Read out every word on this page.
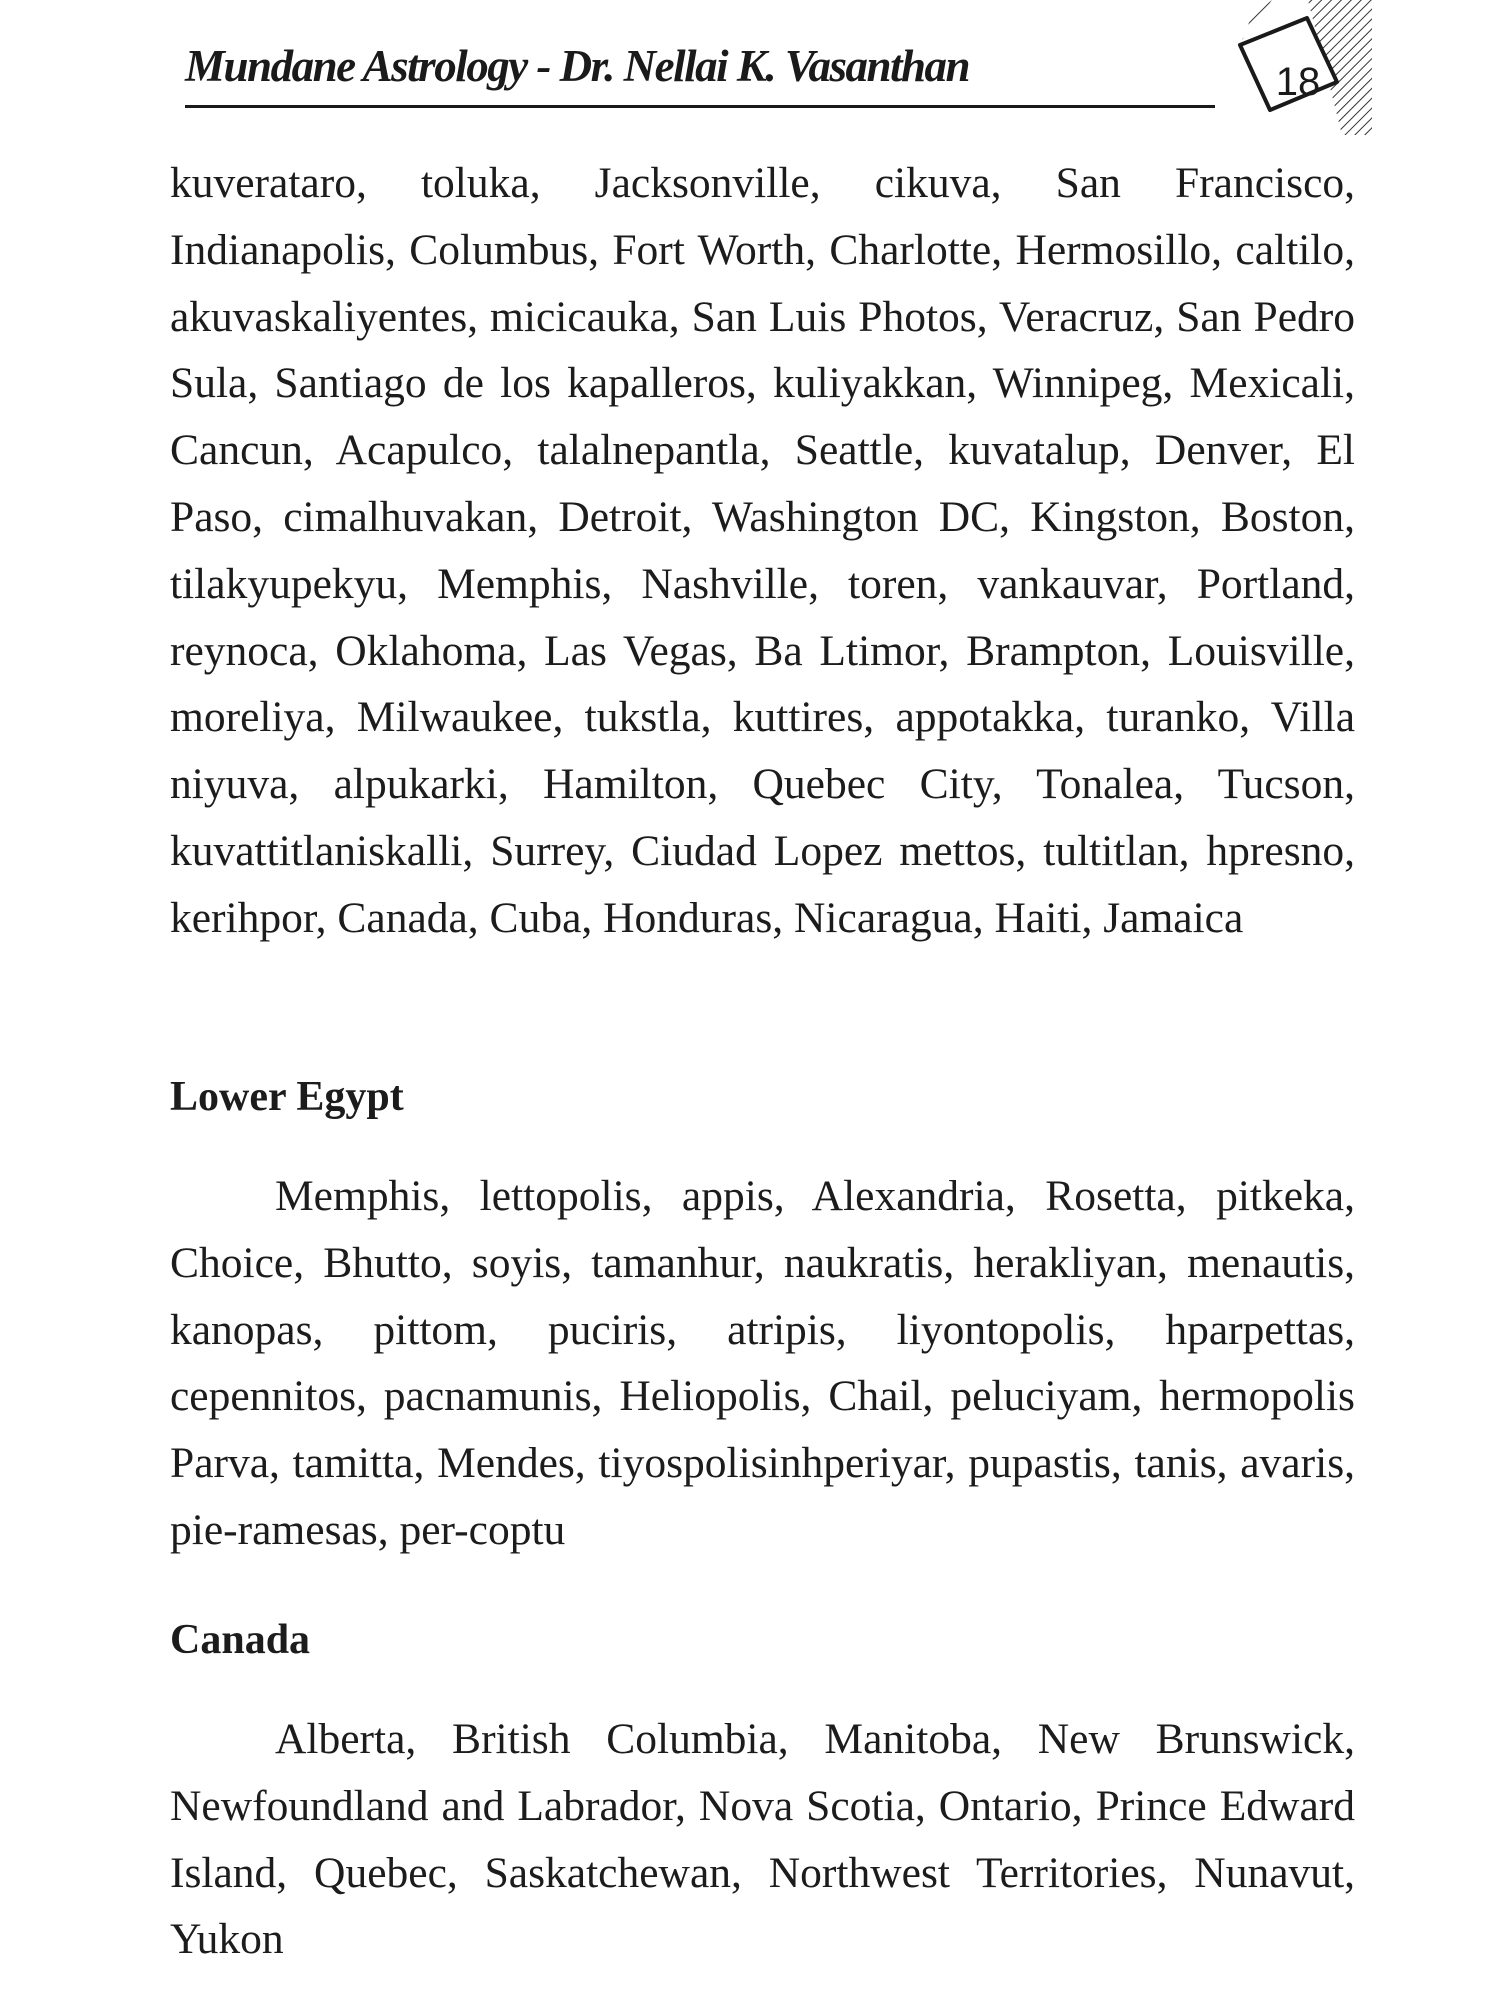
Mundane Astrology - Dr. Nellai K. Vasanthan	18

kuverataro, toluka, Jacksonville, cikuva, San Francisco, Indianapolis, Columbus, Fort Worth, Charlotte, Hermosillo, caltilo, akuvaskaliyentes, micicauka, San Luis Photos, Veracruz, San Pedro Sula, Santiago de los kapalleros, kuliyakkan, Winnipeg, Mexicali, Cancun, Acapulco, talalnepantla, Seattle, kuvatalup, Denver, El Paso, cimalhuvakan, Detroit, Washington DC, Kingston, Boston, tilakyupekyu, Memphis, Nashville, toren, vankauvar, Portland, reynoca, Oklahoma, Las Vegas, Ba Ltimor, Brampton, Louisville, moreliya, Milwaukee, tukstla, kuttires, appotakka, turanko, Villa niyuva, alpukarki, Hamilton, Quebec City, Tonalea, Tucson, kuvattitlaniskalli, Surrey, Ciudad Lopez mettos, tultitlan, hpresno, kerihpor, Canada, Cuba, Honduras, Nicaragua, Haiti, Jamaica

Lower Egypt

Memphis, lettopolis, appis, Alexandria, Rosetta, pitkeka, Choice, Bhutto, soyis, tamanhur, naukratis, herakliyan, menautis, kanopas, pittom, puciris, atripis, liyontopolis, hparpettas, cepennitos, pacnamunis, Heliopolis, Chail, peluciyam, hermopolis Parva, tamitta, Mendes, tiyospolisinhperiyar, pupastis, tanis, avaris, pie-ramesas, per-coptu

Canada

Alberta, British Columbia, Manitoba, New Brunswick, Newfoundland and Labrador, Nova Scotia, Ontario, Prince Edward Island, Quebec, Saskatchewan, Northwest Territories, Nunavut, Yukon
